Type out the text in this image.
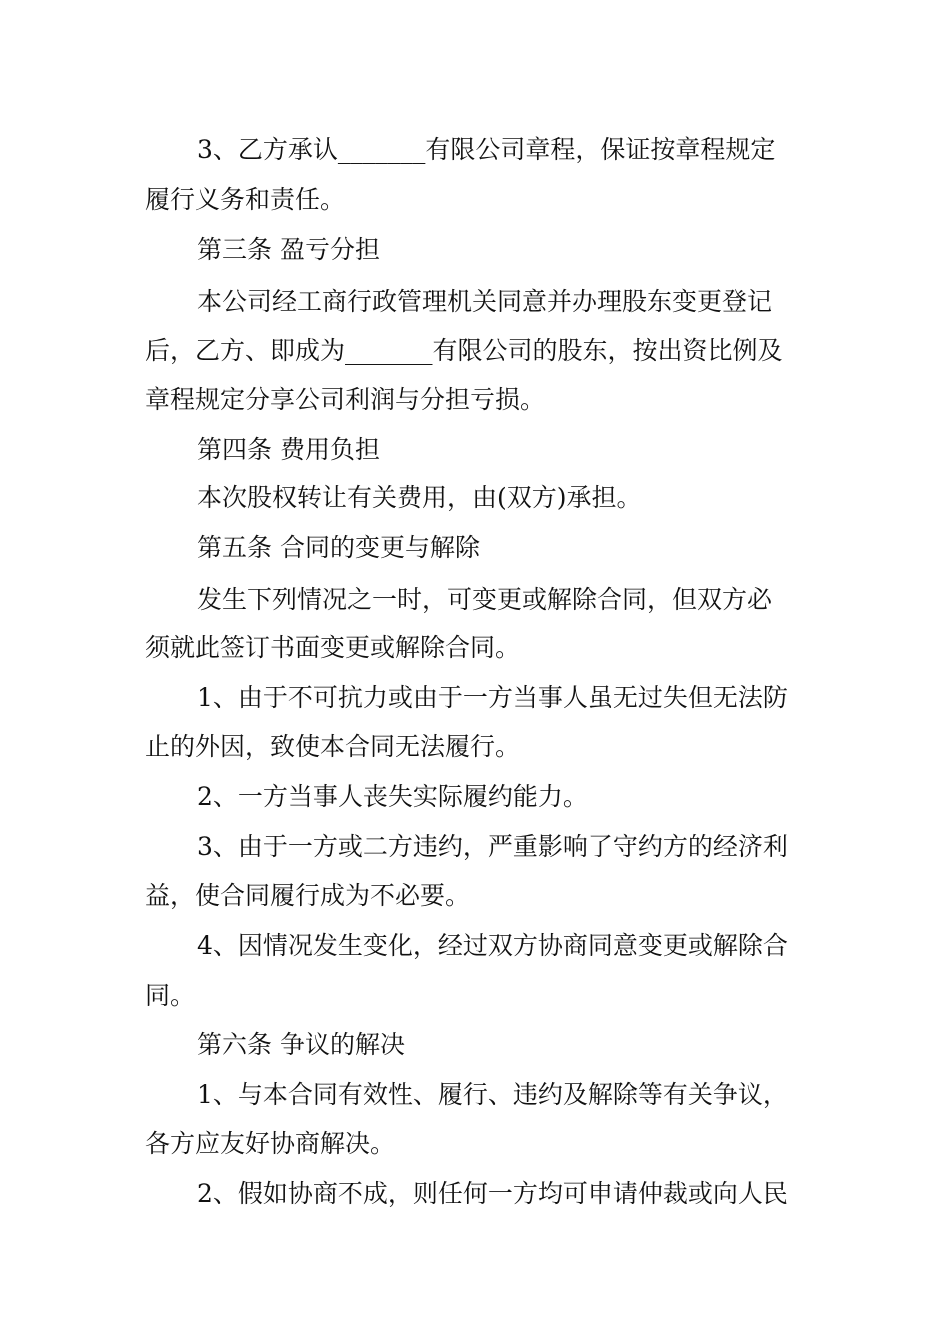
3、乙方承认_______有限公司章程，保证按章程规定
履行义务和责任。
第三条 盈亏分担
本公司经工商行政管理机关同意并办理股东变更登记
后，乙方、即成为_______有限公司的股东，按出资比例及
章程规定分享公司利润与分担亏损。
第四条 费用负担
本次股权转让有关费用，由(双方)承担。
第五条 合同的变更与解除
发生下列情况之一时，可变更或解除合同，但双方必
须就此签订书面变更或解除合同。
1、由于不可抗力或由于一方当事人虽无过失但无法防
止的外因，致使本合同无法履行。
2、一方当事人丧失实际履约能力。
3、由于一方或二方违约，严重影响了守约方的经济利
益，使合同履行成为不必要。
4、因情况发生变化，经过双方协商同意变更或解除合
同。
第六条 争议的解决
1、与本合同有效性、履行、违约及解除等有关争议，
各方应友好协商解决。
2、假如协商不成，则任何一方均可申请仲裁或向人民
